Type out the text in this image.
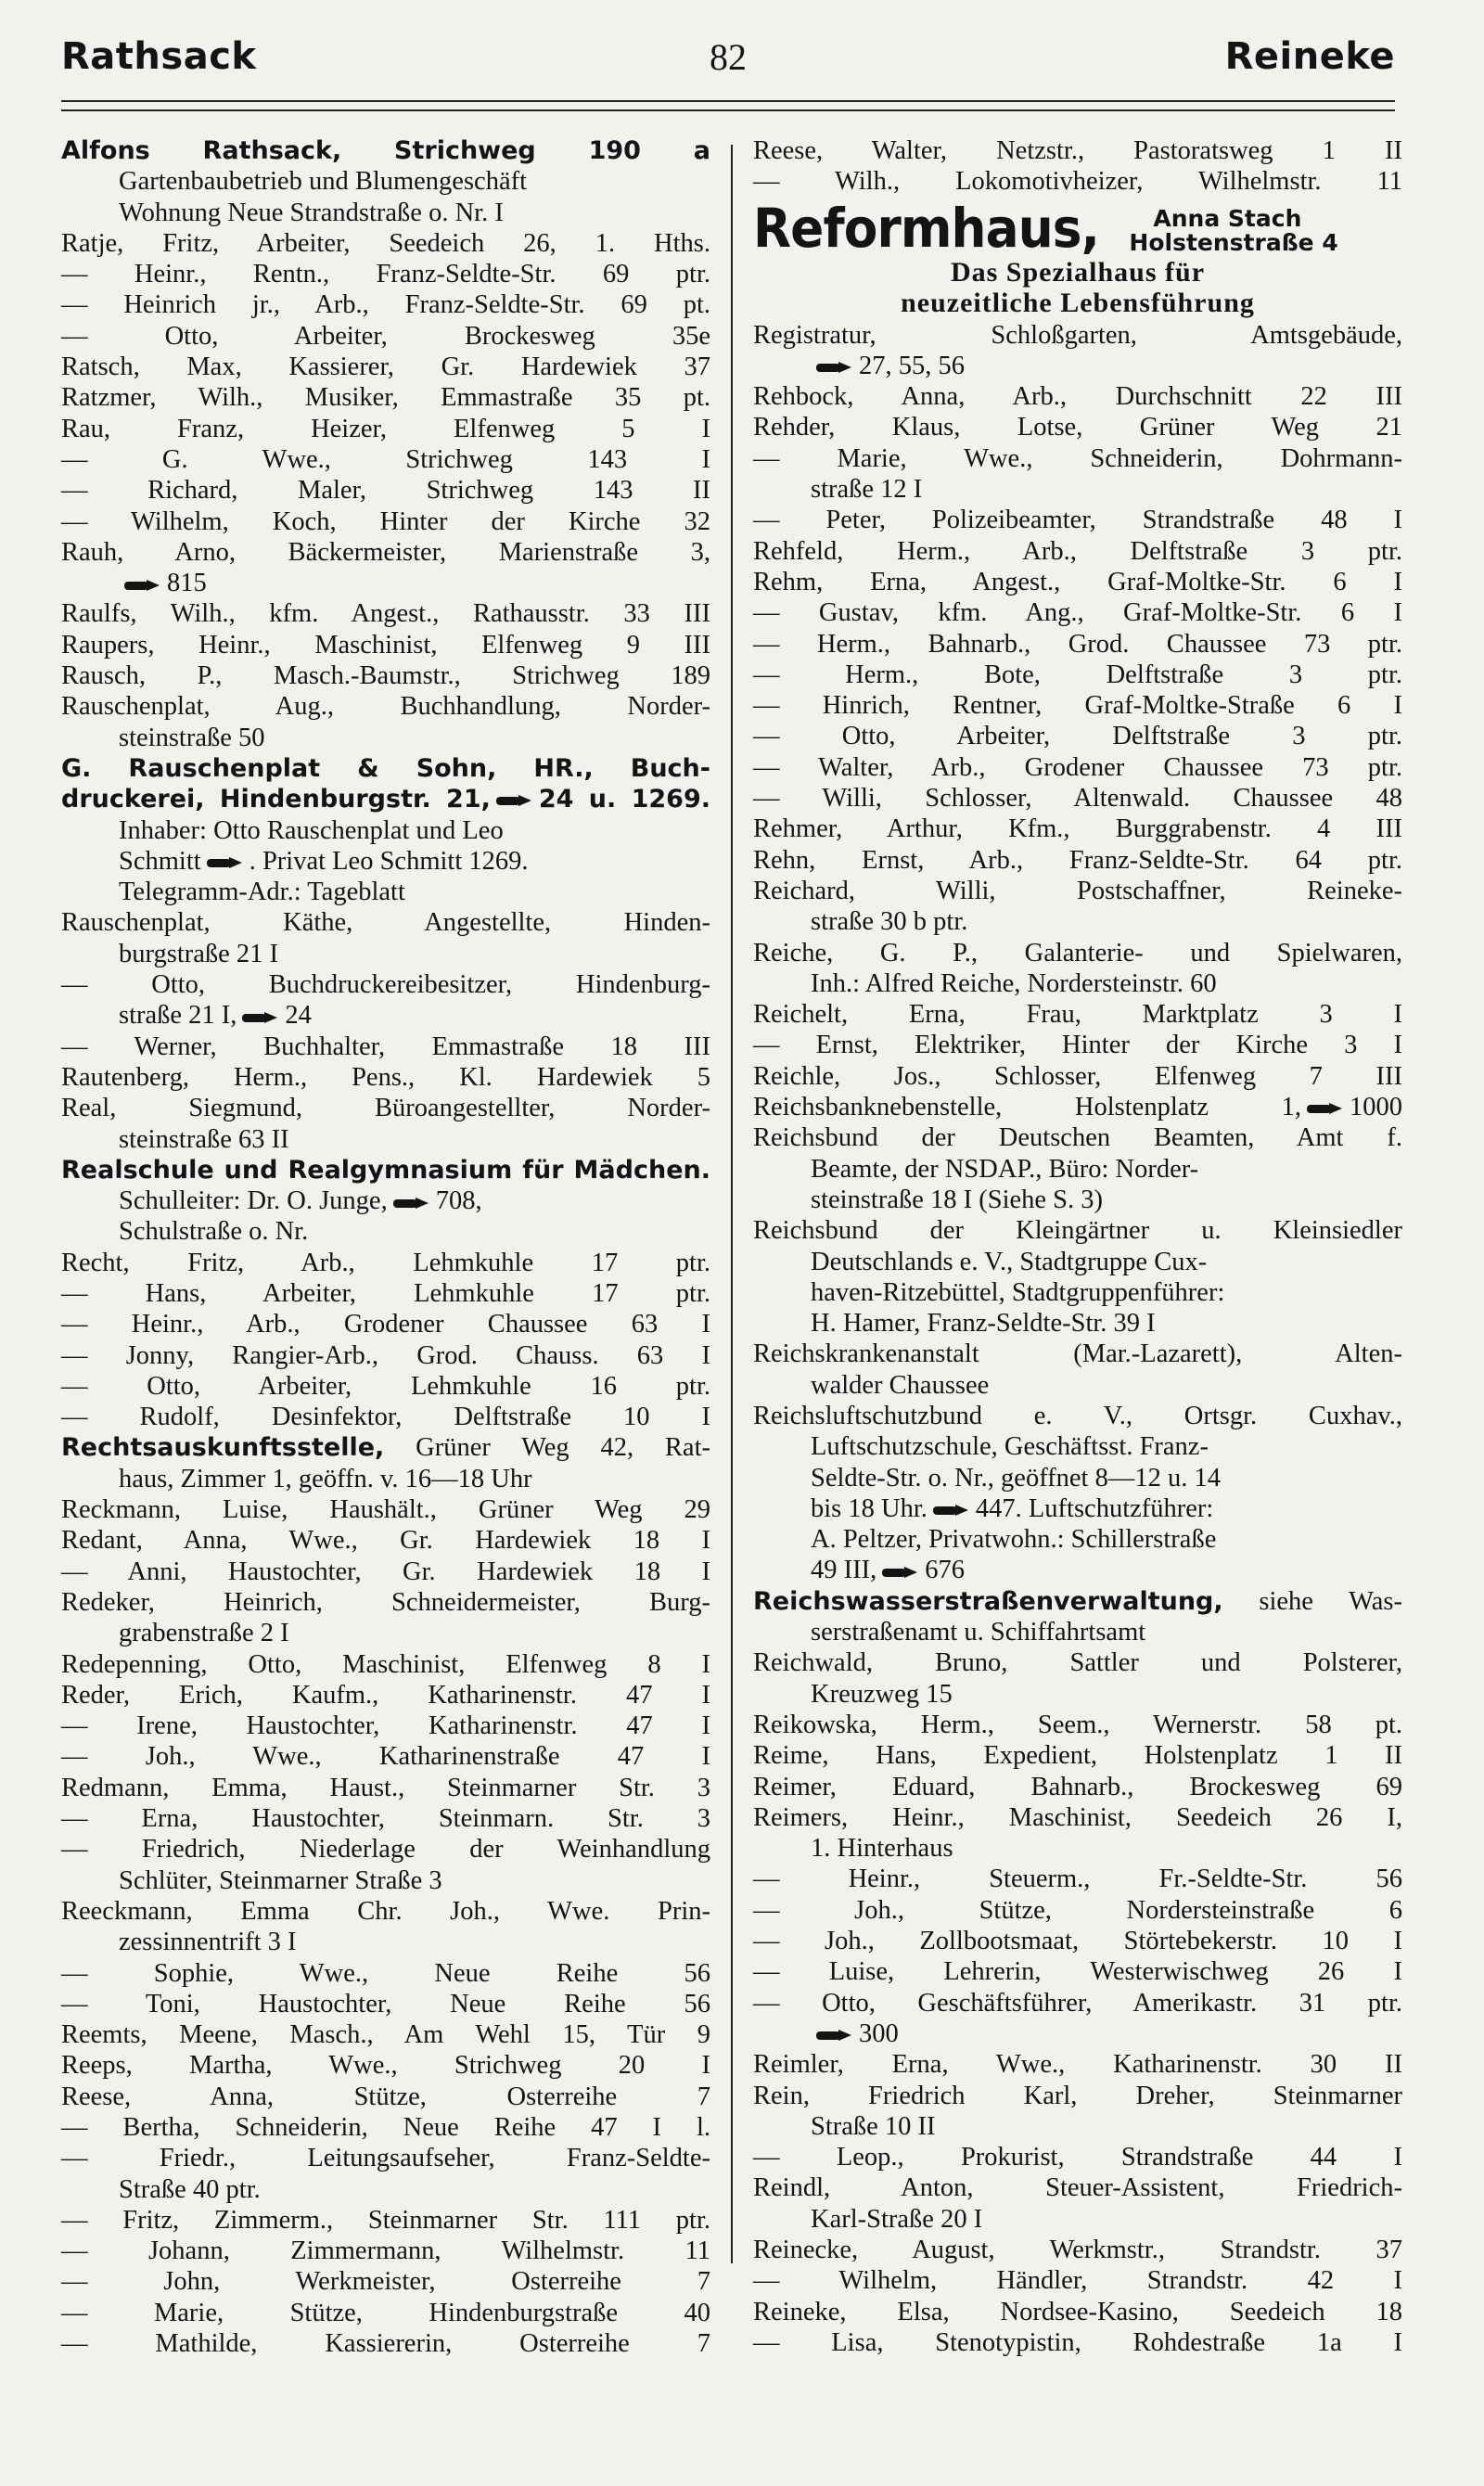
Rathsack	82	Reineke
Alfons Rathsack, Strichweg 190 a
Gartenbaubetrieb und Blumengeschäft
Wohnung Neue Strandstraße o. Nr. I
Ratje, Fritz, Arbeiter, Seedeich 26, 1. Hths.
— Heinr., Rentn., Franz-Seldte-Str. 69 ptr.
— Heinrich jr., Arb., Franz-Seldte-Str. 69 pt.
— Otto, Arbeiter, Brockesweg 35e
Ratsch, Max, Kassierer, Gr. Hardewiek 37
Ratzmer, Wilh., Musiker, Emmastraße 35 pt.
Rau, Franz, Heizer, Elfenweg 5 I
— G. Wwe., Strichweg 143 I
— Richard, Maler, Strichweg 143 II
— Wilhelm, Koch, Hinter der Kirche 32
Rauh, Arno, Bäckermeister, Marienstraße 3,
815
Raulfs, Wilh., kfm. Angest., Rathausstr. 33 III
Raupers, Heinr., Maschinist, Elfenweg 9 III
Rausch, P., Masch.-Baumstr., Strichweg 189
Rauschenplat, Aug., Buchhandlung, Norder-
steinstraße 50
G. Rauschenplat & Sohn, HR., Buch-
druckerei, Hindenburgstr. 21, 24 u. 1269.
Inhaber: Otto Rauschenplat und Leo
Schmitt . Privat Leo Schmitt 1269.
Telegramm-Adr.: Tageblatt
Rauschenplat, Käthe, Angestellte, Hinden-
burgstraße 21 I
— Otto, Buchdruckereibesitzer, Hindenburg-
straße 21 I, 24
— Werner, Buchhalter, Emmastraße 18 III
Rautenberg, Herm., Pens., Kl. Hardewiek 5
Real, Siegmund, Büroangestellter, Norder-
steinstraße 63 II
Realschule und Realgymnasium für Mädchen.
Schulleiter: Dr. O. Junge, 708,
Schulstraße o. Nr.
Recht, Fritz, Arb., Lehmkuhle 17 ptr.
— Hans, Arbeiter, Lehmkuhle 17 ptr.
— Heinr., Arb., Grodener Chaussee 63 I
— Jonny, Rangier-Arb., Grod. Chauss. 63 I
— Otto, Arbeiter, Lehmkuhle 16 ptr.
— Rudolf, Desinfektor, Delftstraße 10 I
Rechtsauskunftsstelle, Grüner Weg 42, Rat-
haus, Zimmer 1, geöffn. v. 16—18 Uhr
Reckmann, Luise, Haushält., Grüner Weg 29
Redant, Anna, Wwe., Gr. Hardewiek 18 I
— Anni, Haustochter, Gr. Hardewiek 18 I
Redeker, Heinrich, Schneidermeister, Burg-
grabenstraße 2 I
Redepenning, Otto, Maschinist, Elfenweg 8 I
Reder, Erich, Kaufm., Katharinenstr. 47 I
— Irene, Haustochter, Katharinenstr. 47 I
— Joh., Wwe., Katharinenstraße 47 I
Redmann, Emma, Haust., Steinmarner Str. 3
— Erna, Haustochter, Steinmarn. Str. 3
— Friedrich, Niederlage der Weinhandlung
Schlüter, Steinmarner Straße 3
Reeckmann, Emma Chr. Joh., Wwe. Prin-
zessinnentrift 3 I
— Sophie, Wwe., Neue Reihe 56
— Toni, Haustochter, Neue Reihe 56
Reemts, Meene, Masch., Am Wehl 15, Tür 9
Reeps, Martha, Wwe., Strichweg 20 I
Reese, Anna, Stütze, Osterreihe 7
— Bertha, Schneiderin, Neue Reihe 47 I l.
— Friedr., Leitungsaufseher, Franz-Seldte-
Straße 40 ptr.
— Fritz, Zimmerm., Steinmarner Str. 111 ptr.
— Johann, Zimmermann, Wilhelmstr. 11
— John, Werkmeister, Osterreihe 7
— Marie, Stütze, Hindenburgstraße 40
— Mathilde, Kassiererin, Osterreihe 7
Reese, Walter, Netzstr., Pastoratsweg 1 II
— Wilh., Lokomotivheizer, Wilhelmstr. 11
Reformhaus,	Anna Stach
Holstenstraße 4
Das Spezialhaus für
neuzeitliche Lebensführung
Registratur, Schloßgarten, Amtsgebäude,
27, 55, 56
Rehbock, Anna, Arb., Durchschnitt 22 III
Rehder, Klaus, Lotse, Grüner Weg 21
— Marie, Wwe., Schneiderin, Dohrmann-
straße 12 I
— Peter, Polizeibeamter, Strandstraße 48 I
Rehfeld, Herm., Arb., Delftstraße 3 ptr.
Rehm, Erna, Angest., Graf-Moltke-Str. 6 I
— Gustav, kfm. Ang., Graf-Moltke-Str. 6 I
— Herm., Bahnarb., Grod. Chaussee 73 ptr.
— Herm., Bote, Delftstraße 3 ptr.
— Hinrich, Rentner, Graf-Moltke-Straße 6 I
— Otto, Arbeiter, Delftstraße 3 ptr.
— Walter, Arb., Grodener Chaussee 73 ptr.
— Willi, Schlosser, Altenwald. Chaussee 48
Rehmer, Arthur, Kfm., Burggrabenstr. 4 III
Rehn, Ernst, Arb., Franz-Seldte-Str. 64 ptr.
Reichard, Willi, Postschaffner, Reineke-
straße 30 b ptr.
Reiche, G. P., Galanterie- und Spielwaren,
Inh.: Alfred Reiche, Nordersteinstr. 60
Reichelt, Erna, Frau, Marktplatz 3 I
— Ernst, Elektriker, Hinter der Kirche 3 I
Reichle, Jos., Schlosser, Elfenweg 7 III
Reichsbanknebenstelle, Holstenplatz 1, 1000
Reichsbund der Deutschen Beamten, Amt f.
Beamte, der NSDAP., Büro: Norder-
steinstraße 18 I (Siehe S. 3)
Reichsbund der Kleingärtner u. Kleinsiedler
Deutschlands e. V., Stadtgruppe Cux-
haven-Ritzebüttel, Stadtgruppenführer:
H. Hamer, Franz-Seldte-Str. 39 I
Reichskrankenanstalt (Mar.-Lazarett), Alten-
walder Chaussee
Reichsluftschutzbund e. V., Ortsgr. Cuxhav.,
Luftschutzschule, Geschäftsst. Franz-
Seldte-Str. o. Nr., geöffnet 8—12 u. 14
bis 18 Uhr. 447. Luftschutzführer:
A. Peltzer, Privatwohn.: Schillerstraße
49 III, 676
Reichswasserstraßenverwaltung, siehe Was-
serstraßenamt u. Schiffahrtsamt
Reichwald, Bruno, Sattler und Polsterer,
Kreuzweg 15
Reikowska, Herm., Seem., Wernerstr. 58 pt.
Reime, Hans, Expedient, Holstenplatz 1 II
Reimer, Eduard, Bahnarb., Brockesweg 69
Reimers, Heinr., Maschinist, Seedeich 26 I,
1. Hinterhaus
— Heinr., Steuerm., Fr.-Seldte-Str. 56
— Joh., Stütze, Nordersteinstraße 6
— Joh., Zollbootsmaat, Störtebekerstr. 10 I
— Luise, Lehrerin, Westerwischweg 26 I
— Otto, Geschäftsführer, Amerikastr. 31 ptr.
300
Reimler, Erna, Wwe., Katharinenstr. 30 II
Rein, Friedrich Karl, Dreher, Steinmarner
Straße 10 II
— Leop., Prokurist, Strandstraße 44 I
Reindl, Anton, Steuer-Assistent, Friedrich-
Karl-Straße 20 I
Reinecke, August, Werkmstr., Strandstr. 37
— Wilhelm, Händler, Strandstr. 42 I
Reineke, Elsa, Nordsee-Kasino, Seedeich 18
— Lisa, Stenotypistin, Rohdestraße 1a I
